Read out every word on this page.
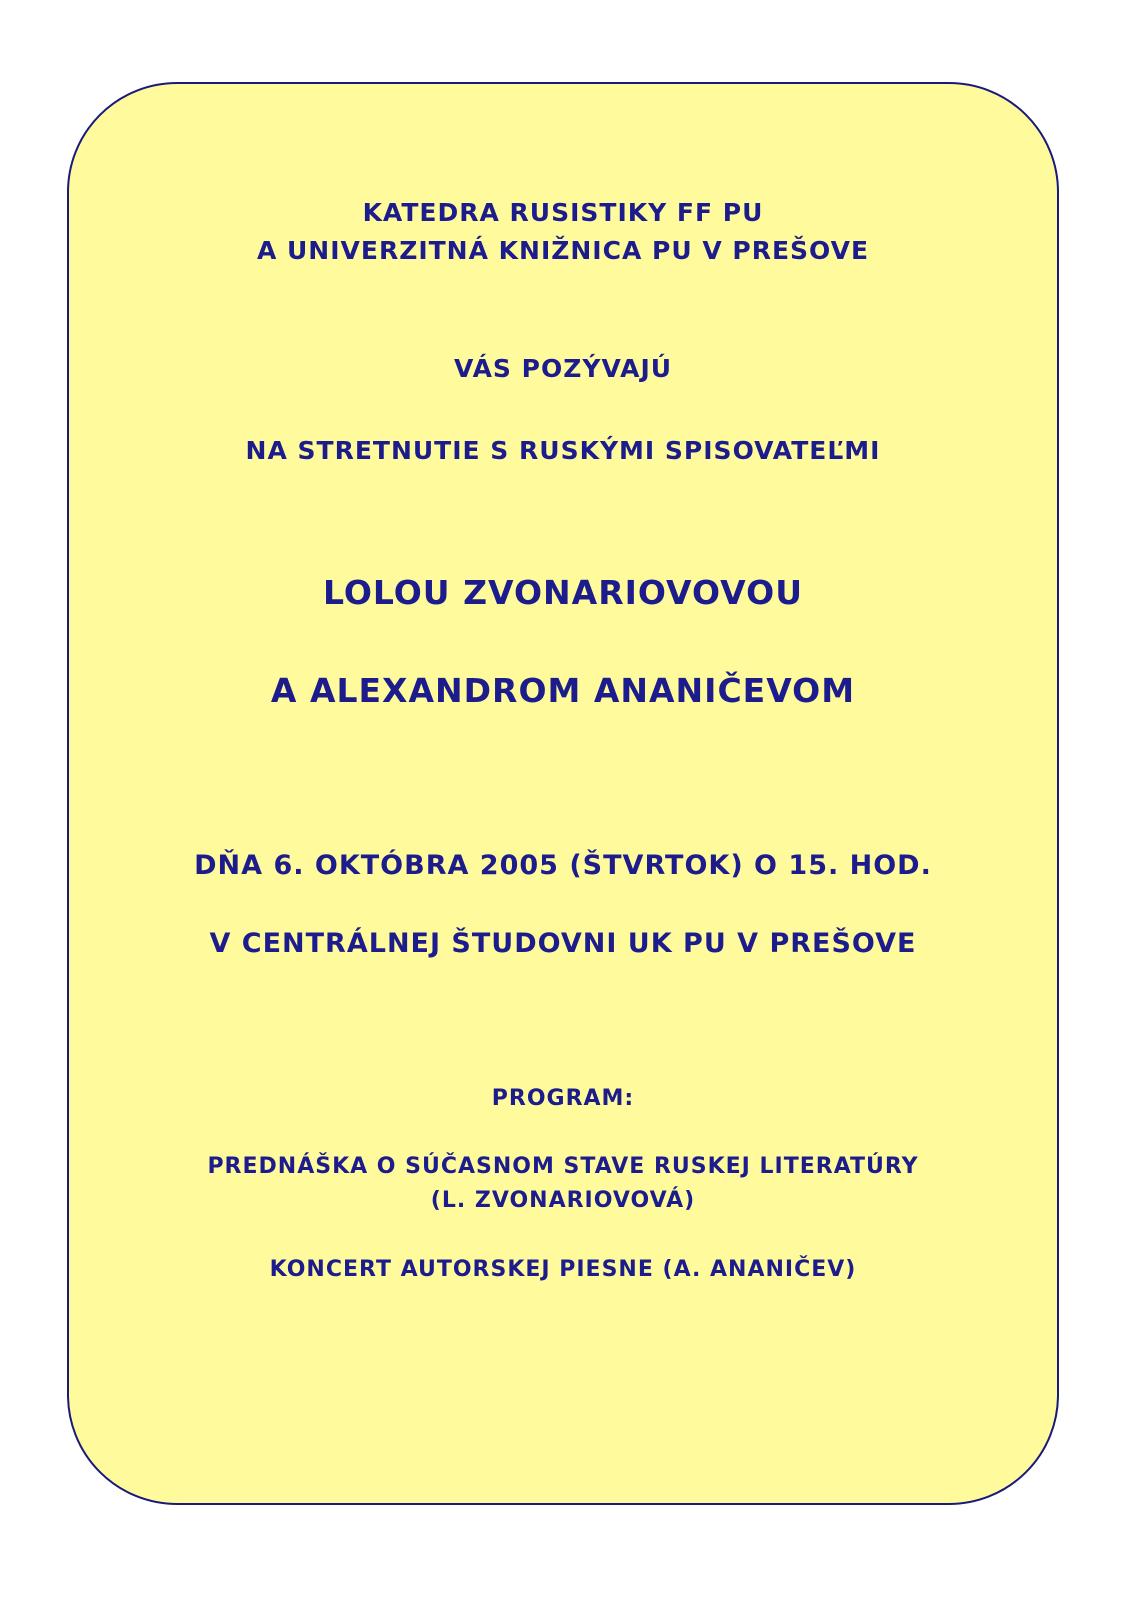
KATEDRA RUSISTIKY FF PU
A UNIVERZITNÁ KNIŽNICA PU V PREŠOVE
VÁS POZÝVAJÚ
NA STRETNUTIE S RUSKÝMI SPISOVATEĽMI
LOLOU ZVONARIOVOVOU
A ALEXANDROM ANANIČEVOM
DŇA 6. OKTÓBRA 2005 (ŠTVRTOK) O 15. HOD.
V CENTRÁLNEJ ŠTUDOVNI UK PU V PREŠOVE
PROGRAM:
PREDNÁŠKA O SÚČASNOM STAVE RUSKEJ LITERATÚRY
(L. ZVONARIOVOVÁ)
KONCERT AUTORSKEJ PIESNE (A. ANANIČEV)
